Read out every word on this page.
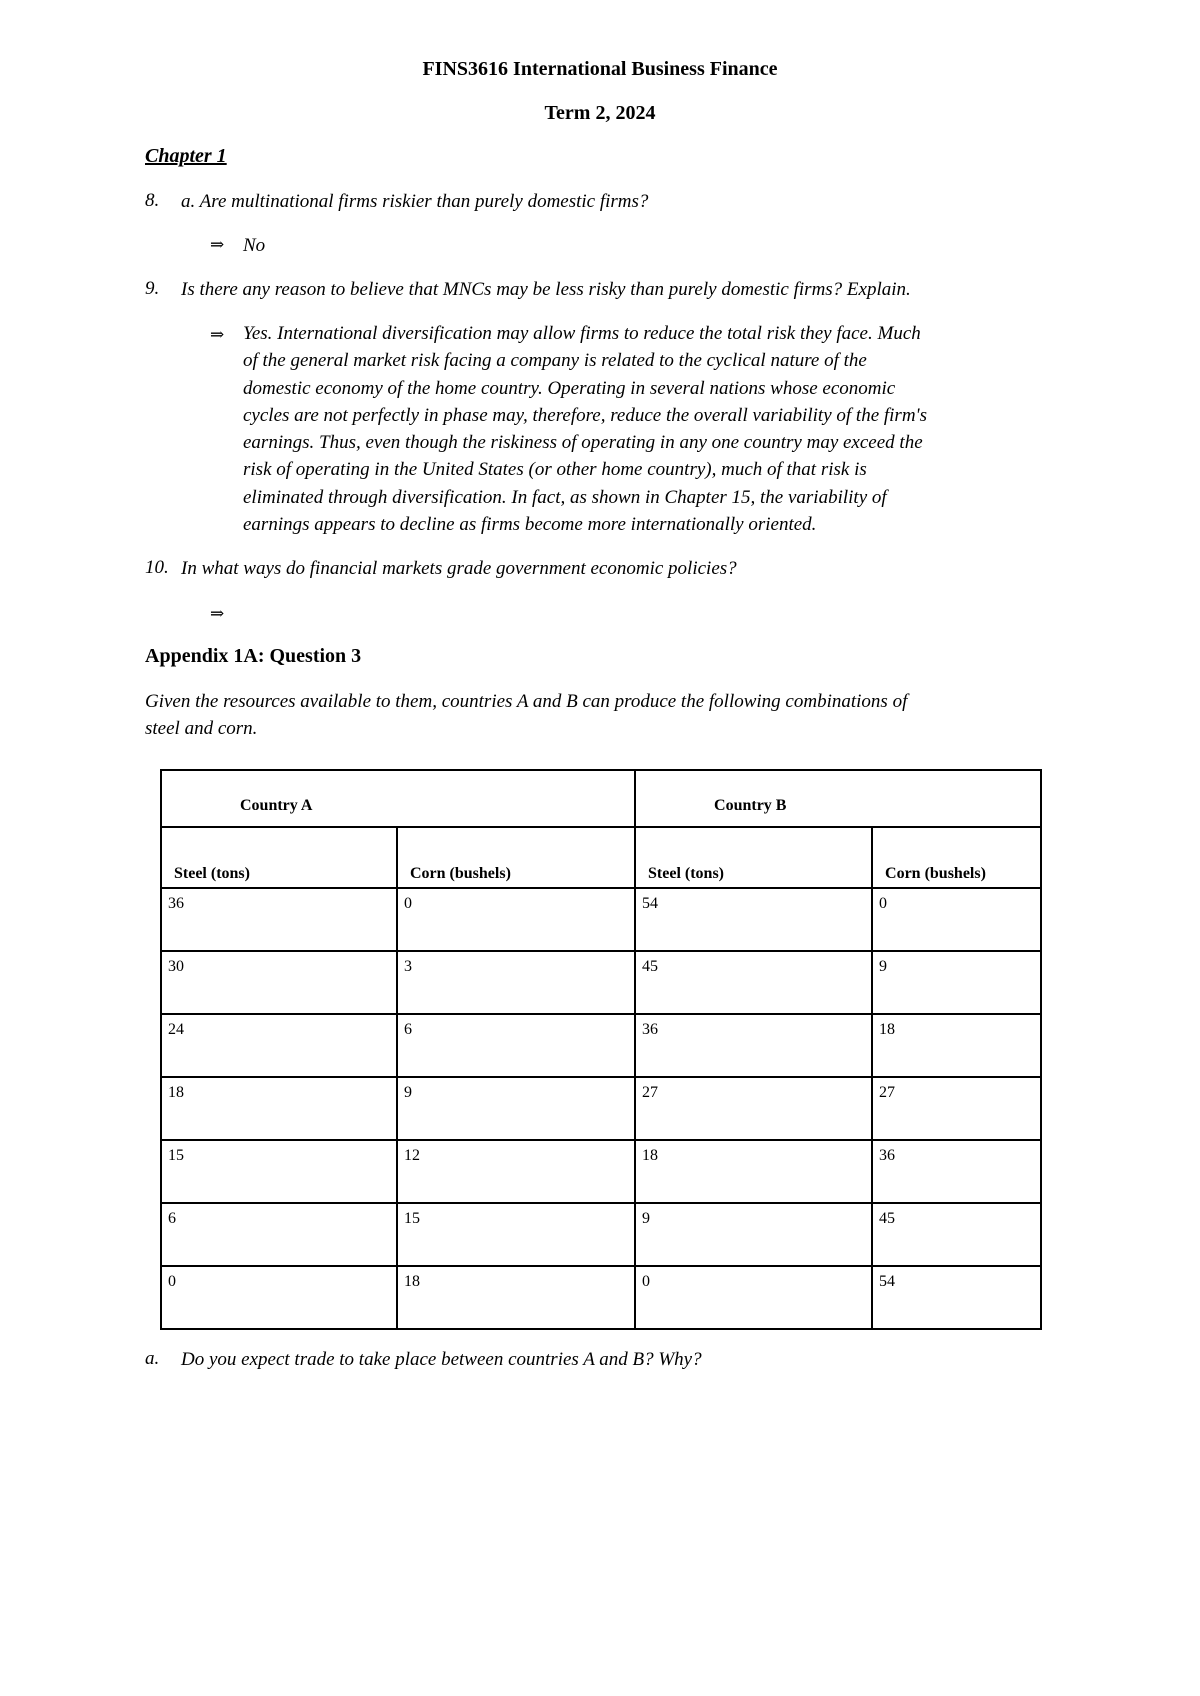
FINS3616 International Business Finance
Term 2, 2024
Chapter 1
8. a. Are multinational firms riskier than purely domestic firms?
⇒ No
9. Is there any reason to believe that MNCs may be less risky than purely domestic firms? Explain.
⇒ Yes. International diversification may allow firms to reduce the total risk they face. Much
of the general market risk facing a company is related to the cyclical nature of the
domestic economy of the home country. Operating in several nations whose economic
cycles are not perfectly in phase may, therefore, reduce the overall variability of the firm's
earnings. Thus, even though the riskiness of operating in any one country may exceed the
risk of operating in the United States (or other home country), much of that risk is
eliminated through diversification. In fact, as shown in Chapter 15, the variability of
earnings appears to decline as firms become more internationally oriented.
10. In what ways do financial markets grade government economic policies?
⇒
Appendix 1A: Question 3
Given the resources available to them, countries A and B can produce the following combinations of
steel and corn.
Country A		Country B	
Steel (tons)	Corn (bushels)	Steel (tons)	Corn (bushels)
36	0	54	0
30	3	45	9
24	6	36	18
18	9	27	27
15	12	18	36
6	15	9	45
0	18	0	54
a. Do you expect trade to take place between countries A and B? Why?
